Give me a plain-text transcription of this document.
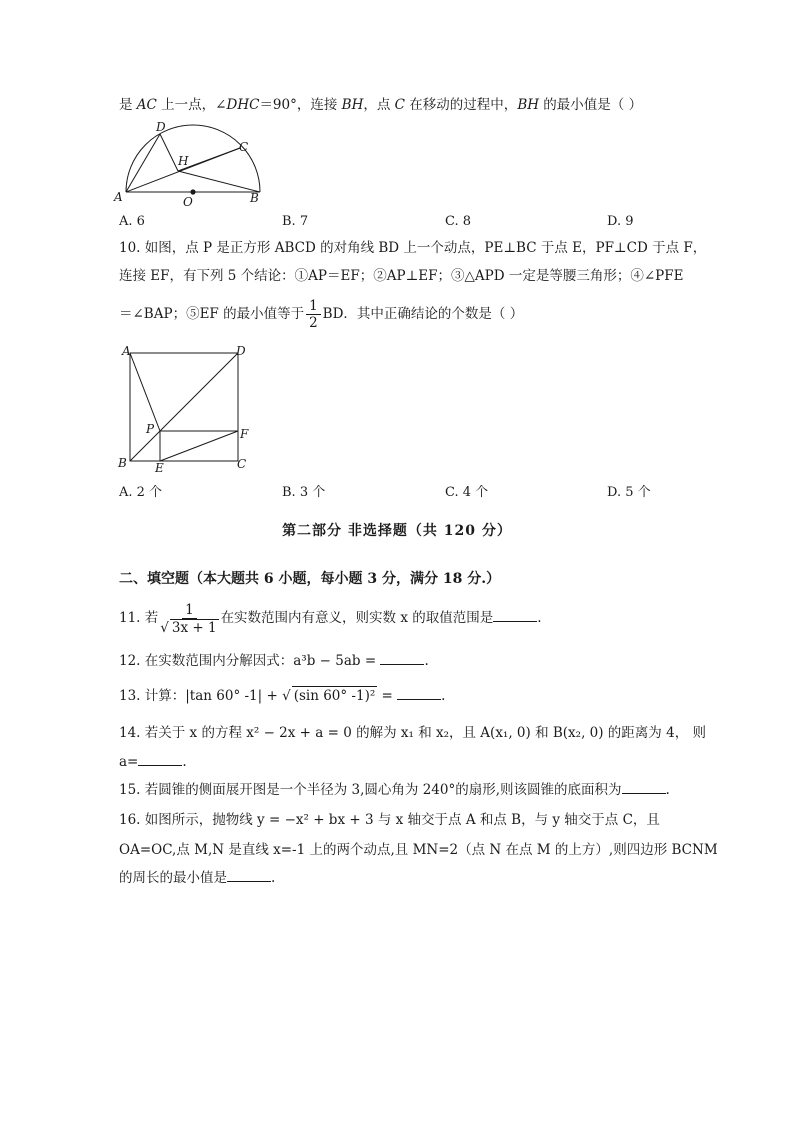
是 AC 上一点，∠DHC＝90°，连接 BH，点 C 在移动的过程中，BH 的最小值是（ ）
A	B
C
D
H
O
A. 6	B. 7	C. 8	D. 9
10. 如图，点 P 是正方形 ABCD 的对角线 BD 上一个动点，PE⊥BC 于点 E，PF⊥CD 于点 F，
连接 EF，有下列 5 个结论：①AP＝EF；②AP⊥EF；③△APD 一定是等腰三角形；④∠PFE
＝∠BAP；⑤EF 的最小值等于 $\frac{1}{2}$ BD．其中正确结论的个数是（ ）
A
B	C
D
P
E
F
A. 2 个	B. 3 个	C. 4 个	D. 5 个
第二部分 非选择题（共 120 分）
二、填空题（本大题共 6 小题，每小题 3 分，满分 18 分.）
11. 若 $\frac{1}{√ 3x + 1}$ 在实数范围内有意义，则实数 x 的取值范围是	.
12. 在实数范围内分解因式：a³b − 5ab =	.
13. 计算：|tan 60° -1| + √ (sin 60° -1)² =	.
14. 若关于 x 的方程 x² − 2x + a = 0 的解为 x₁ 和 x₂，且 A(x₁, 0) 和 B(x₂, 0) 的距离为 4， 则
a=	.
15. 若圆锥的侧面展开图是一个半径为 3,圆心角为 240°的扇形,则该圆锥的底面积为	.
16. 如图所示，抛物线 y = −x² + bx + 3 与 x 轴交于点 A 和点 B，与 y 轴交于点 C，且
OA=OC,点 M,N 是直线 x=-1 上的两个动点,且 MN=2（点 N 在点 M 的上方）,则四边形 BCNM
的周长的最小值是	.
